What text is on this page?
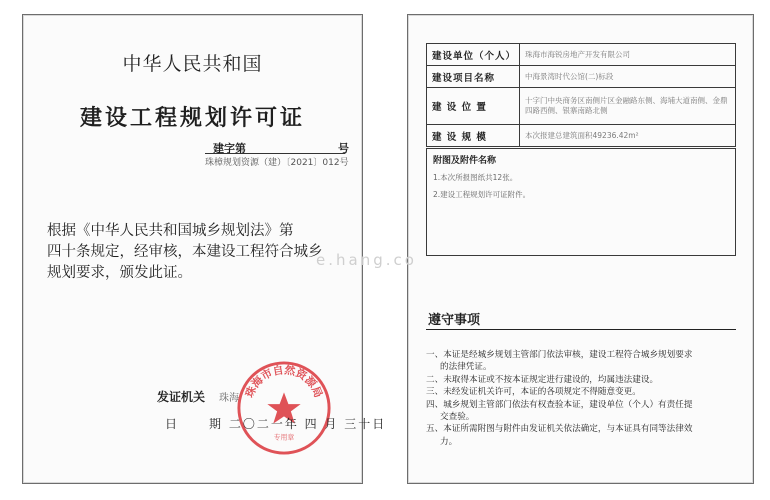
中华人民共和国
建设工程规划许可证
建字第	号
珠樟规划资源（建）〔2021〕012号
根据《中华人民共和国城乡规划法》第
四十条规定，经审核，本建设工程符合城乡
规划要求，颁发此证。
珠海市自然资源局
专用章
发证机关 珠海
日	期 二〇二一年 四 月 三十日
建设单位（个人）	珠海市海锐房地产开发有限公司
建设项目名称	中海景湾时代公馆(二)标段
建 设 位 置	十字门中央商务区南侧片区金融路东侧、海埔大道南侧、金鼎四路西侧、银寨南路北侧
建 设 规 模	本次报建总建筑面积49236.42m²
附图及附件名称
1.本次所报图纸共12张。
2.建设工程规划许可证附件。
e.hang.co
遵守事项
一、本证是经城乡规划主管部门依法审核，建设工程符合城乡规划要求
的法律凭证。
二、未取得本证或不按本证规定进行建设的，均属违法建设。
三、未经发证机关许可，本证的各项规定不得随意变更。
四、城乡规划主管部门依法有权查验本证，建设单位（个人）有责任提
交查验。
五、本证所需附图与附件由发证机关依法确定，与本证具有同等法律效
力。
